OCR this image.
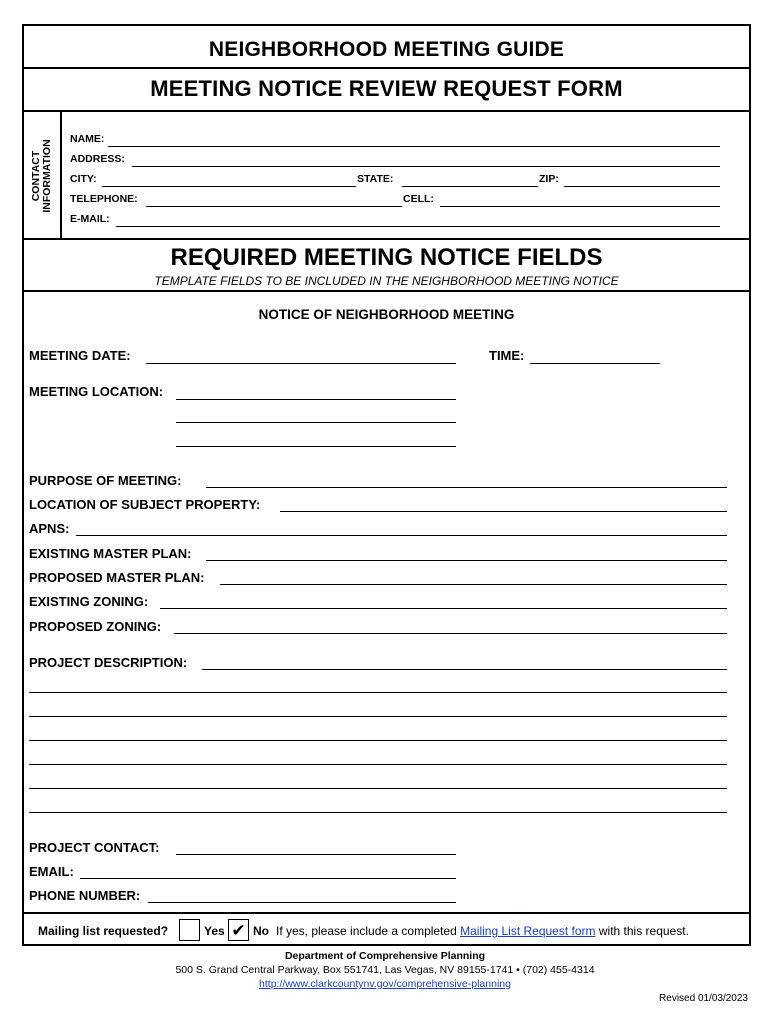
NEIGHBORHOOD MEETING GUIDE
MEETING NOTICE REVIEW REQUEST FORM
CONTACT
INFORMATION
NAME:
ADDRESS:
CITY:	STATE:	ZIP:
TELEPHONE:	CELL:
E-MAIL:
REQUIRED MEETING NOTICE FIELDS
TEMPLATE FIELDS TO BE INCLUDED IN THE NEIGHBORHOOD MEETING NOTICE
NOTICE OF NEIGHBORHOOD MEETING
MEETING DATE:	TIME:
MEETING LOCATION:
PURPOSE OF MEETING:
LOCATION OF SUBJECT PROPERTY:
APNS:
EXISTING MASTER PLAN:
PROPOSED MASTER PLAN:
EXISTING ZONING:
PROPOSED ZONING:
PROJECT DESCRIPTION:
PROJECT CONTACT:
EMAIL:
PHONE NUMBER:
Mailing list requested?	Yes ✔ No If yes, please include a completed Mailing List Request form with this request.
Department of Comprehensive Planning
500 S. Grand Central Parkway, Box 551741, Las Vegas, NV 89155-1741 • (702) 455-4314
http://www.clarkcountynv.gov/comprehensive-planning
Revised 01/03/2023
